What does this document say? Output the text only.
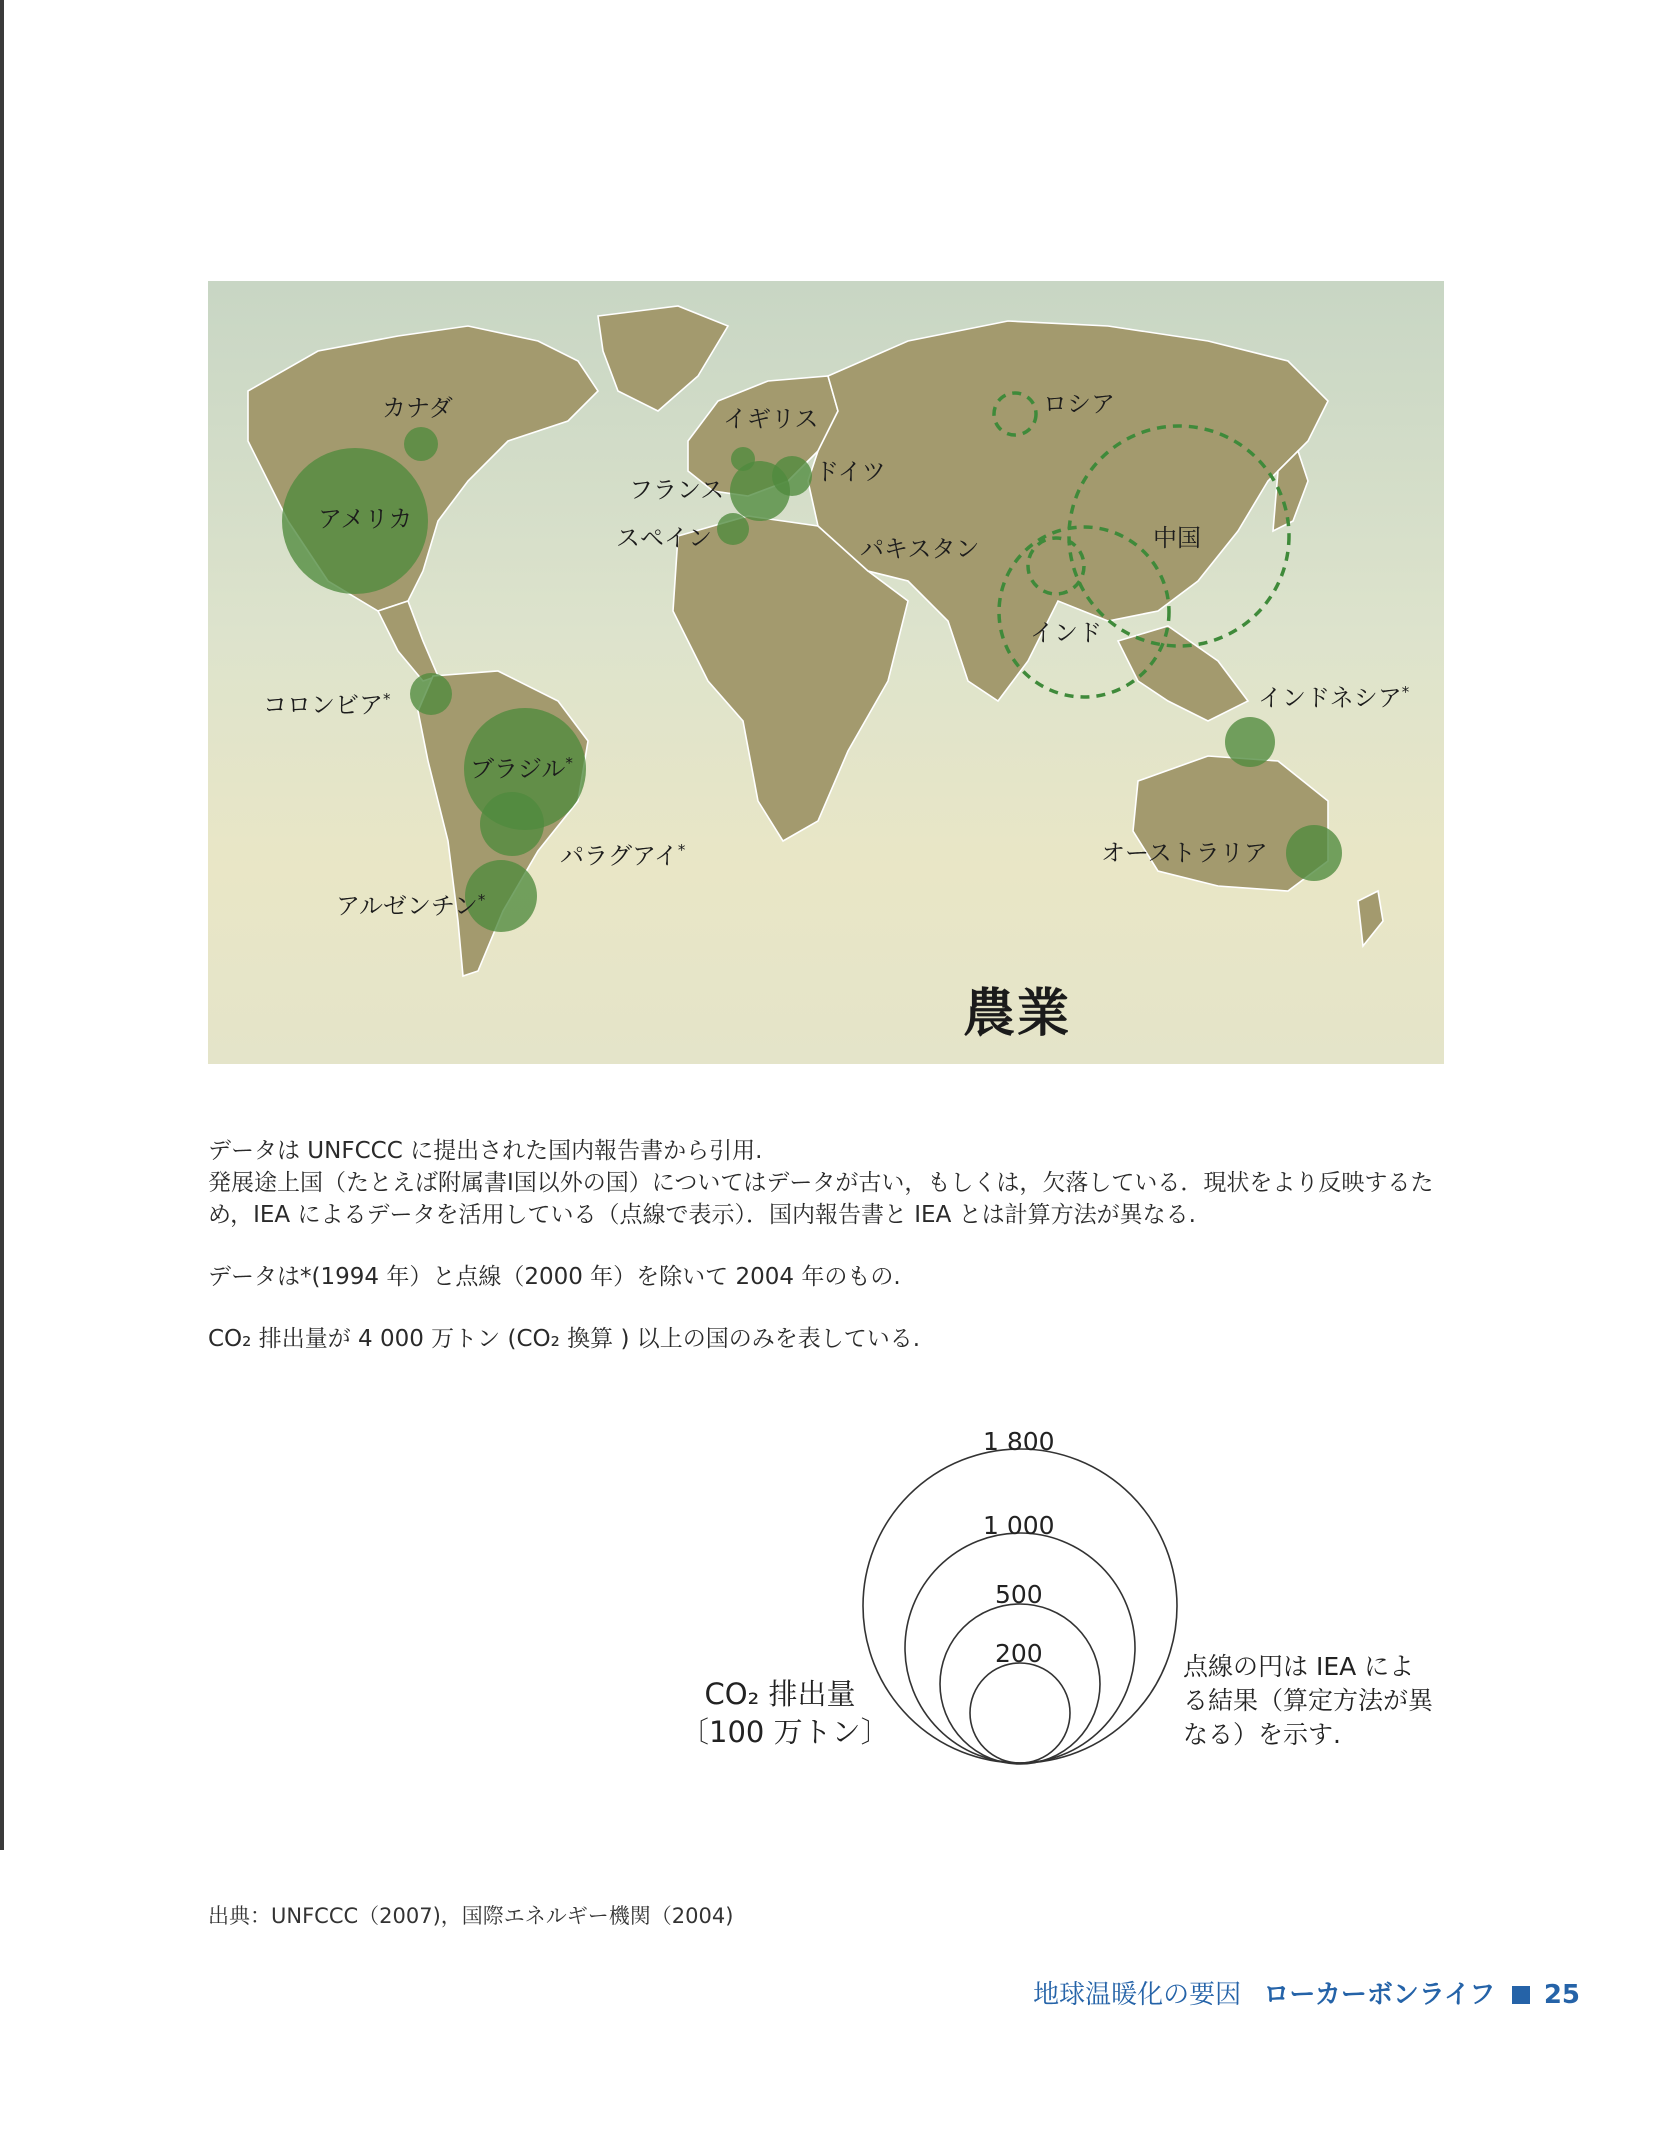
カナダ
アメリカ
イギリス
ドイツ
フランス
スペイン
ロシア
パキスタン	中国
インド
インドネシア*
コロンビア*
ブラジル*
パラグアイ*
アルゼンチン*
オーストラリア
農業

データは UNFCCC に提出された国内報告書から引用.

発展途上国（たとえば附属書Ⅰ国以外の国）についてはデータが古い，もしくは，欠落している．現状をより反映するため，IEA によるデータを活用している（点線で表示）．国内報告書と IEA とは計算方法が異なる.

データは*(1994 年）と点線（2000 年）を除いて 2004 年のもの.

CO₂ 排出量が 4 000 万トン (CO₂ 換算 ) 以上の国のみを表している.

1 800
1 000
500
200
CO₂ 排出量
〔100 万トン〕
点線の円は IEA による結果（算定方法が異なる）を示す.
出典：UNFCCC（2007)，国際エネルギー機関（2004)
地球温暖化の要因 ローカーボンライフ 25
